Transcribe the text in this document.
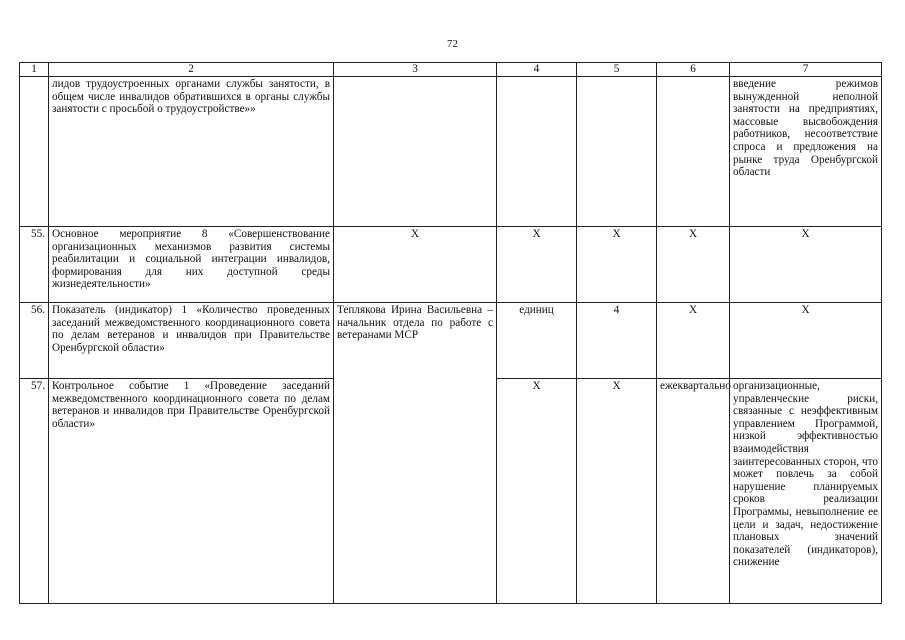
72
1	2	3	4	5	6	7
	лидов трудоустроенных органами службы занятости, в общем числе инвалидов обратившихся в органы службы занятости с просьбой о трудоустройстве»»					введение режимов вынужденной неполной занятости на предприятиях, массовые высвобождения работников, несоответствие спроса и предложения на рынке труда Оренбургской области
55.	Основное мероприятие 8 «Совершенствование организационных механизмов развития системы реабилитации и социальной интеграции инвалидов, формирования для них доступной среды жизнедеятельности»	Х	Х	Х	Х	Х
56.	Показатель (индикатор) 1 «Количество проведенных заседаний межведомственного координационного совета по делам ветеранов и инвалидов при Правительстве Оренбургской области»	Теплякова Ирина Васильевна – начальник отдела по работе с ветеранами МСР	единиц	4	Х	Х
57.	Контрольное событие 1 «Проведение заседаний межведомственного координационного совета по делам ветеранов и инвалидов при Правительстве Оренбургской области»		Х	Х	ежеквартально	организационные, управленческие риски, связанные с неэффективным управлением Программой, низкой эффективностью взаимодействия заинтересованных сторон, что может повлечь за собой нарушение планируемых сроков реализации Программы, невыполнение ее цели и задач, недостижение плановых значений показателей (индикаторов), снижение
